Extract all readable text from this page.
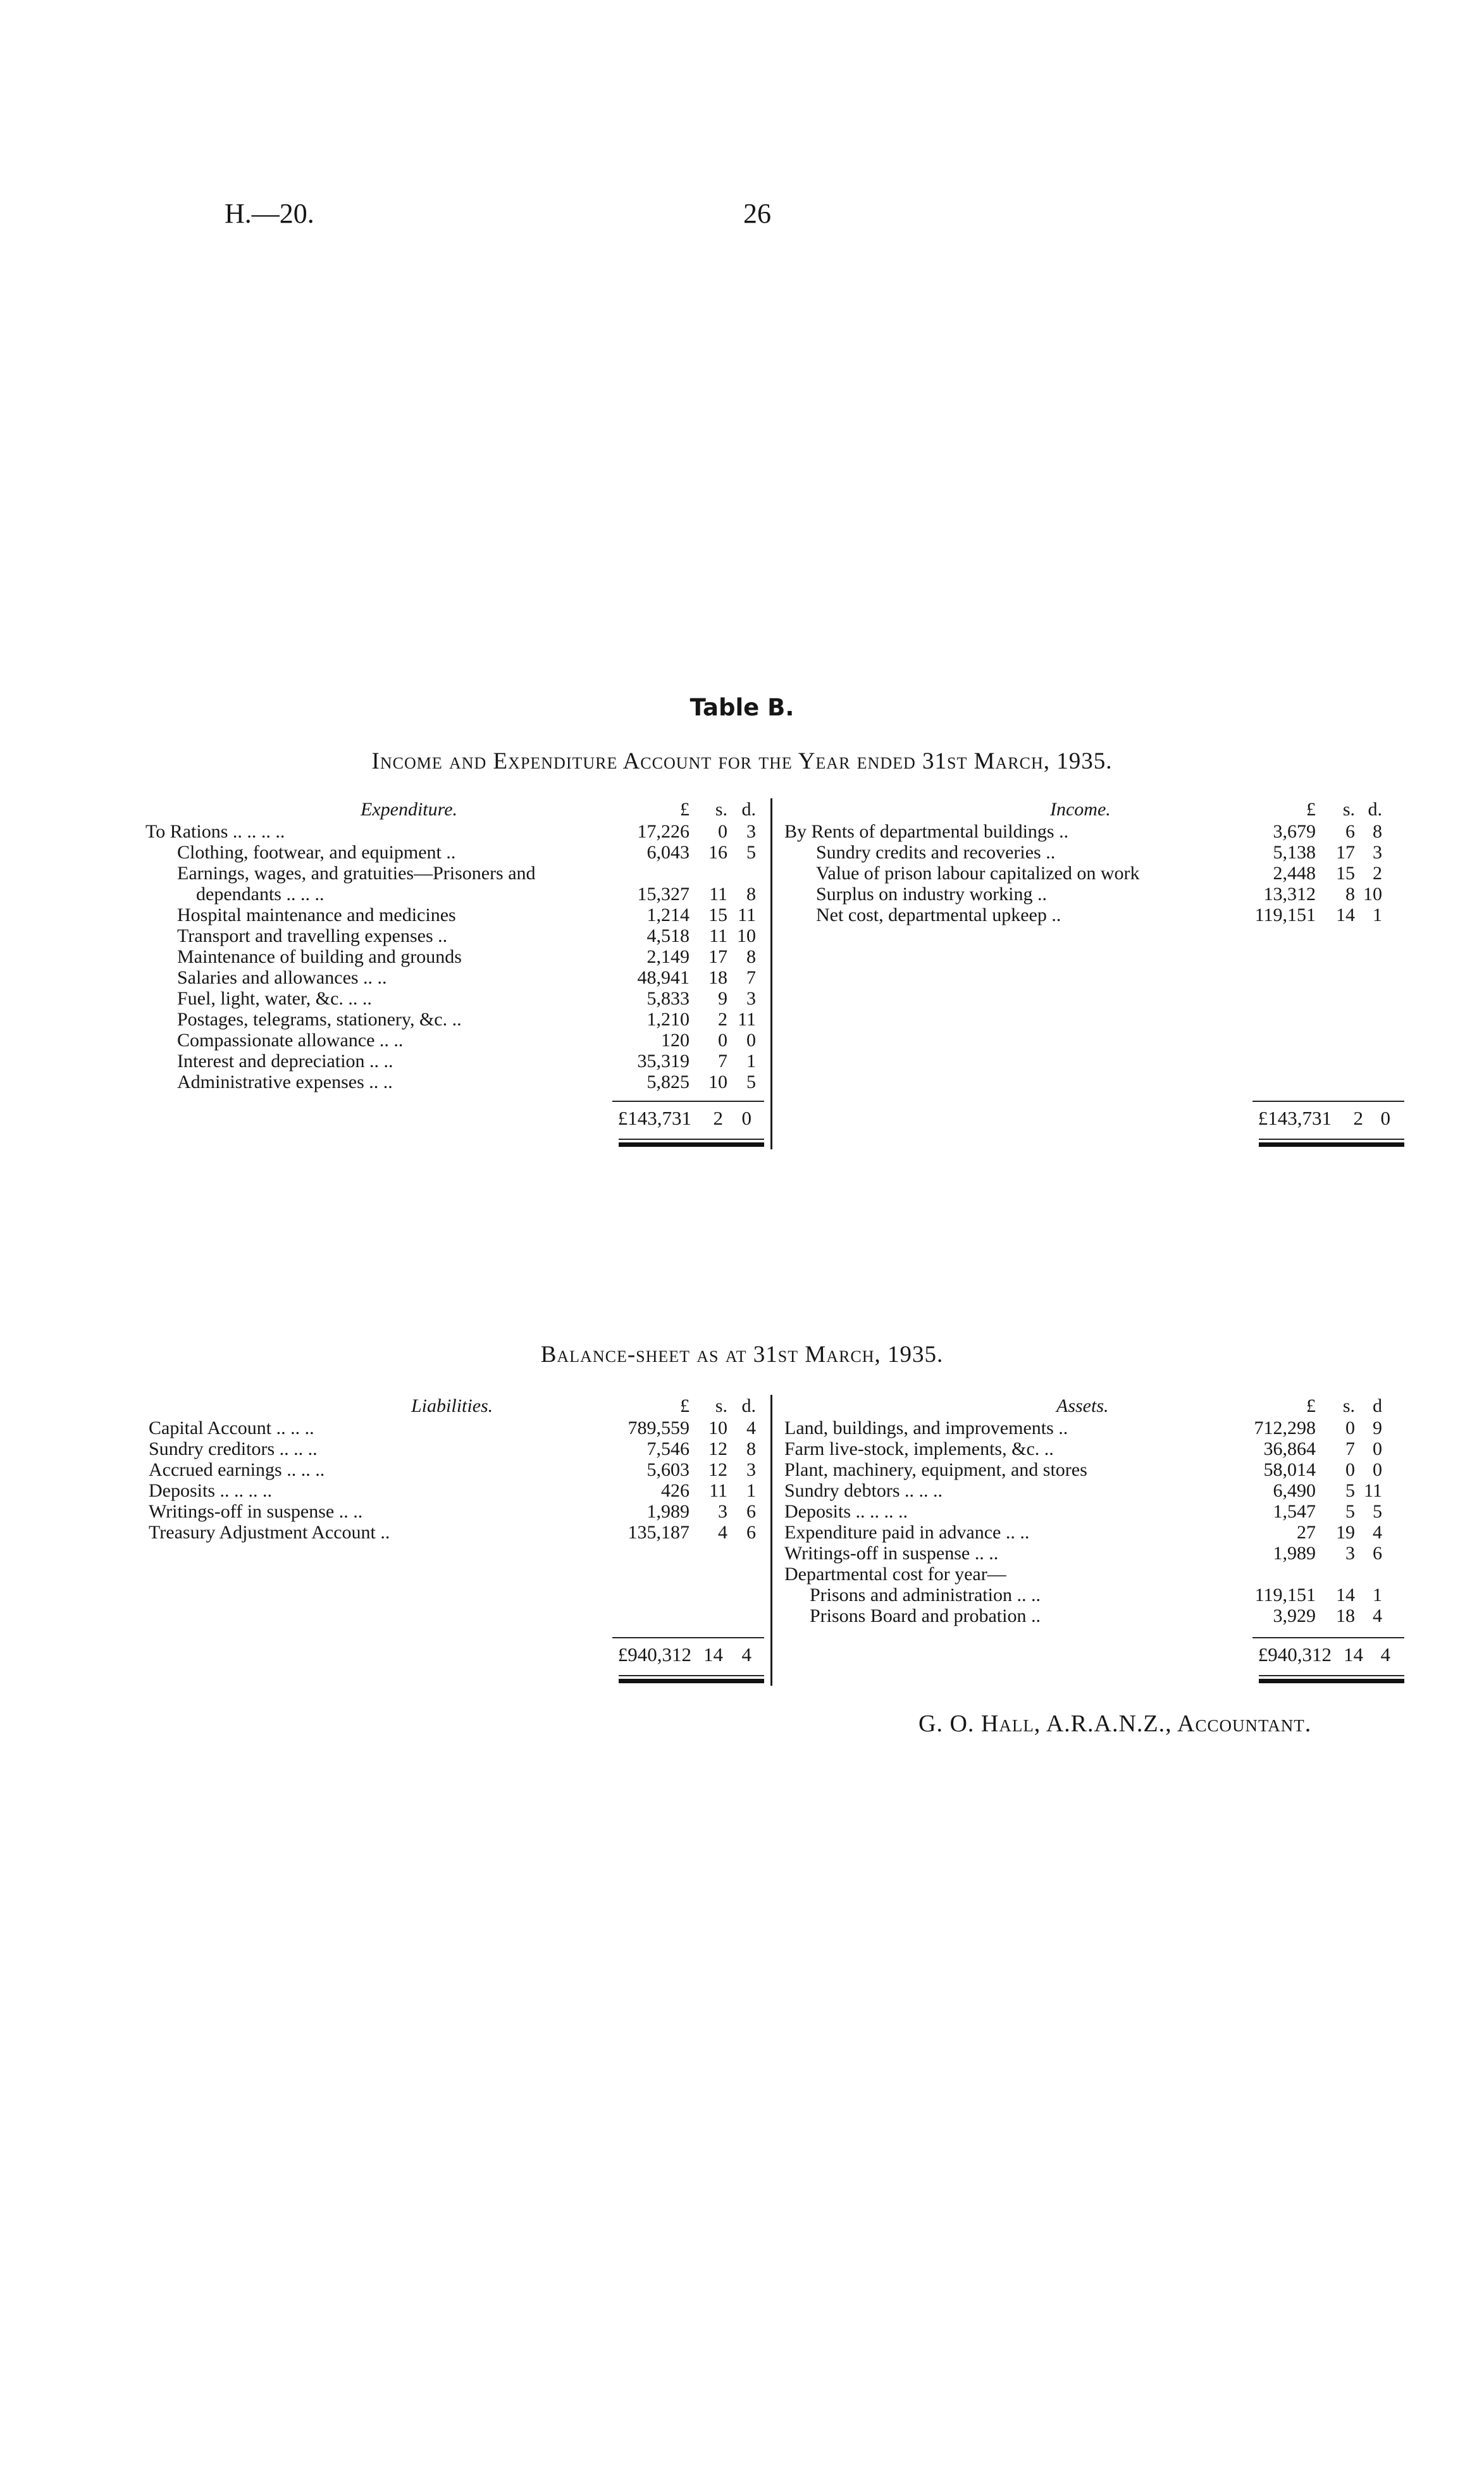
H.—20.	26
Table B.
Income and Expenditure Account for the Year ended 31st March, 1935.
Expenditure.	£	s. d.
To Rations .. .. .. ..	17,226	0	3
Clothing, footwear, and equipment ..	6,043	16	5
Earnings, wages, and gratuities—Prisoners and
dependants .. .. ..	15,327	11	8
Hospital maintenance and medicines	1,214	15 11
Transport and travelling expenses ..	4,518	11 10
Maintenance of building and grounds	2,149	17	8
Salaries and allowances .. ..	48,941	18	7
Fuel, light, water, &c. .. ..	5,833	9	3
Postages, telegrams, stationery, &c. ..	1,210	2 11
Compassionate allowance .. ..	120	0	0
Interest and depreciation .. ..	35,319	7	1
Administrative expenses .. ..	5,825	10	5
Income.	£	s. d.
By Rents of departmental buildings ..	3,679	6 8
Sundry credits and recoveries ..	5,138	17 3
Value of prison labour capitalized on work	2,448	15 2
Surplus on industry working ..	13,312	8 10
Net cost, departmental upkeep ..	119,151	14 1
£143,731	2 0	£143,731	2 0
Balance-sheet as at 31st March, 1935.
Liabilities.	£	s. d.
Capital Account .. .. ..	789,559	10	4
Sundry creditors .. .. ..	7,546	12	8
Accrued earnings .. .. ..	5,603	12	3
Deposits .. .. .. ..	426	11	1
Writings-off in suspense .. ..	1,989	3	6
Treasury Adjustment Account ..	135,187	4	6
Assets.	£	s. d
Land, buildings, and improvements ..	712,298	0 9
Farm live-stock, implements, &c. ..	36,864	7 0
Plant, machinery, equipment, and stores	58,014	0 0
Sundry debtors .. .. ..	6,490	5 11
Deposits .. .. .. ..	1,547	5 5
Expenditure paid in advance .. ..	27	19 4
Writings-off in suspense .. ..	1,989	3 6
Departmental cost for year—
Prisons and administration .. ..	119,151	14 1
Prisons Board and probation ..	3,929	18 4
£940,312 14 4	£940,312 14 4
G. O. Hall, A.R.A.N.Z., Accountant.
